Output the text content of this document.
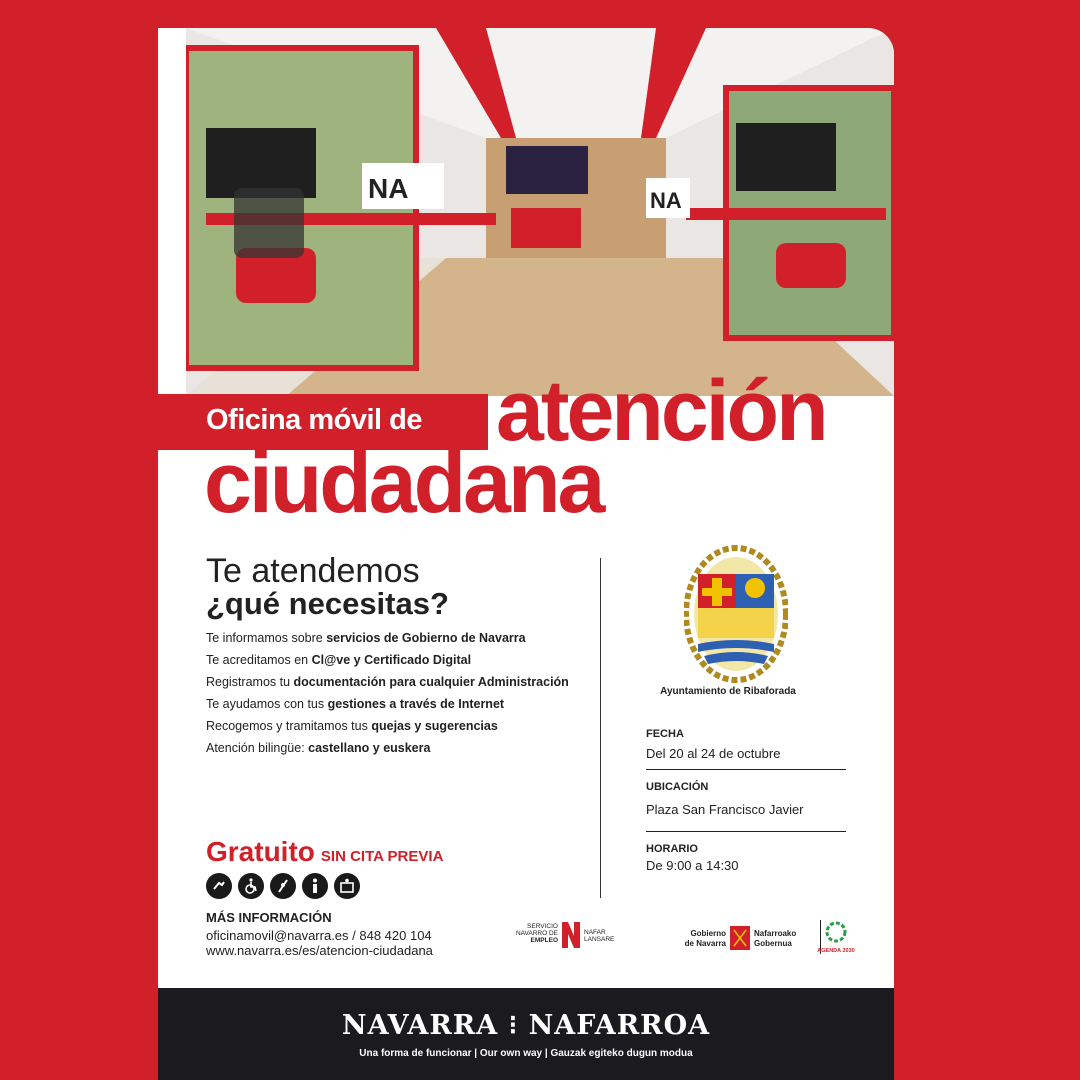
NA	NA
Oficina móvil de atención
ciudadana
Te atendemos
¿qué necesitas?
Te informamos sobre servicios de Gobierno de Navarra
Te acreditamos en Cl@ve y Certificado Digital
Registramos tu documentación para cualquier Administración
Te ayudamos con tus gestiones a través de Internet
Recogemos y tramitamos tus quejas y sugerencias
Atención bilingüe: castellano y euskera
Gratuito SIN CITA PREVIA
MÁS INFORMACIÓN
oficinamovil@navarra.es / 848 420 104
www.navarra.es/es/atencion-ciudadana
Ayuntamiento de Ribaforada
FECHA
Del 20 al 24 de octubre
UBICACIÓN
Plaza San Francisco Javier
HORARIO
De 9:00 a 14:30
SERVICIO
NAVARRO DE
EMPLEO
NAFAR
LANSARE
Gobierno
de Navarra
Nafarroako
Gobernua
AGENDA 2030
NAVARRA ⁝ NAFARROA
Una forma de funcionar | Our own way | Gauzak egiteko dugun modua
